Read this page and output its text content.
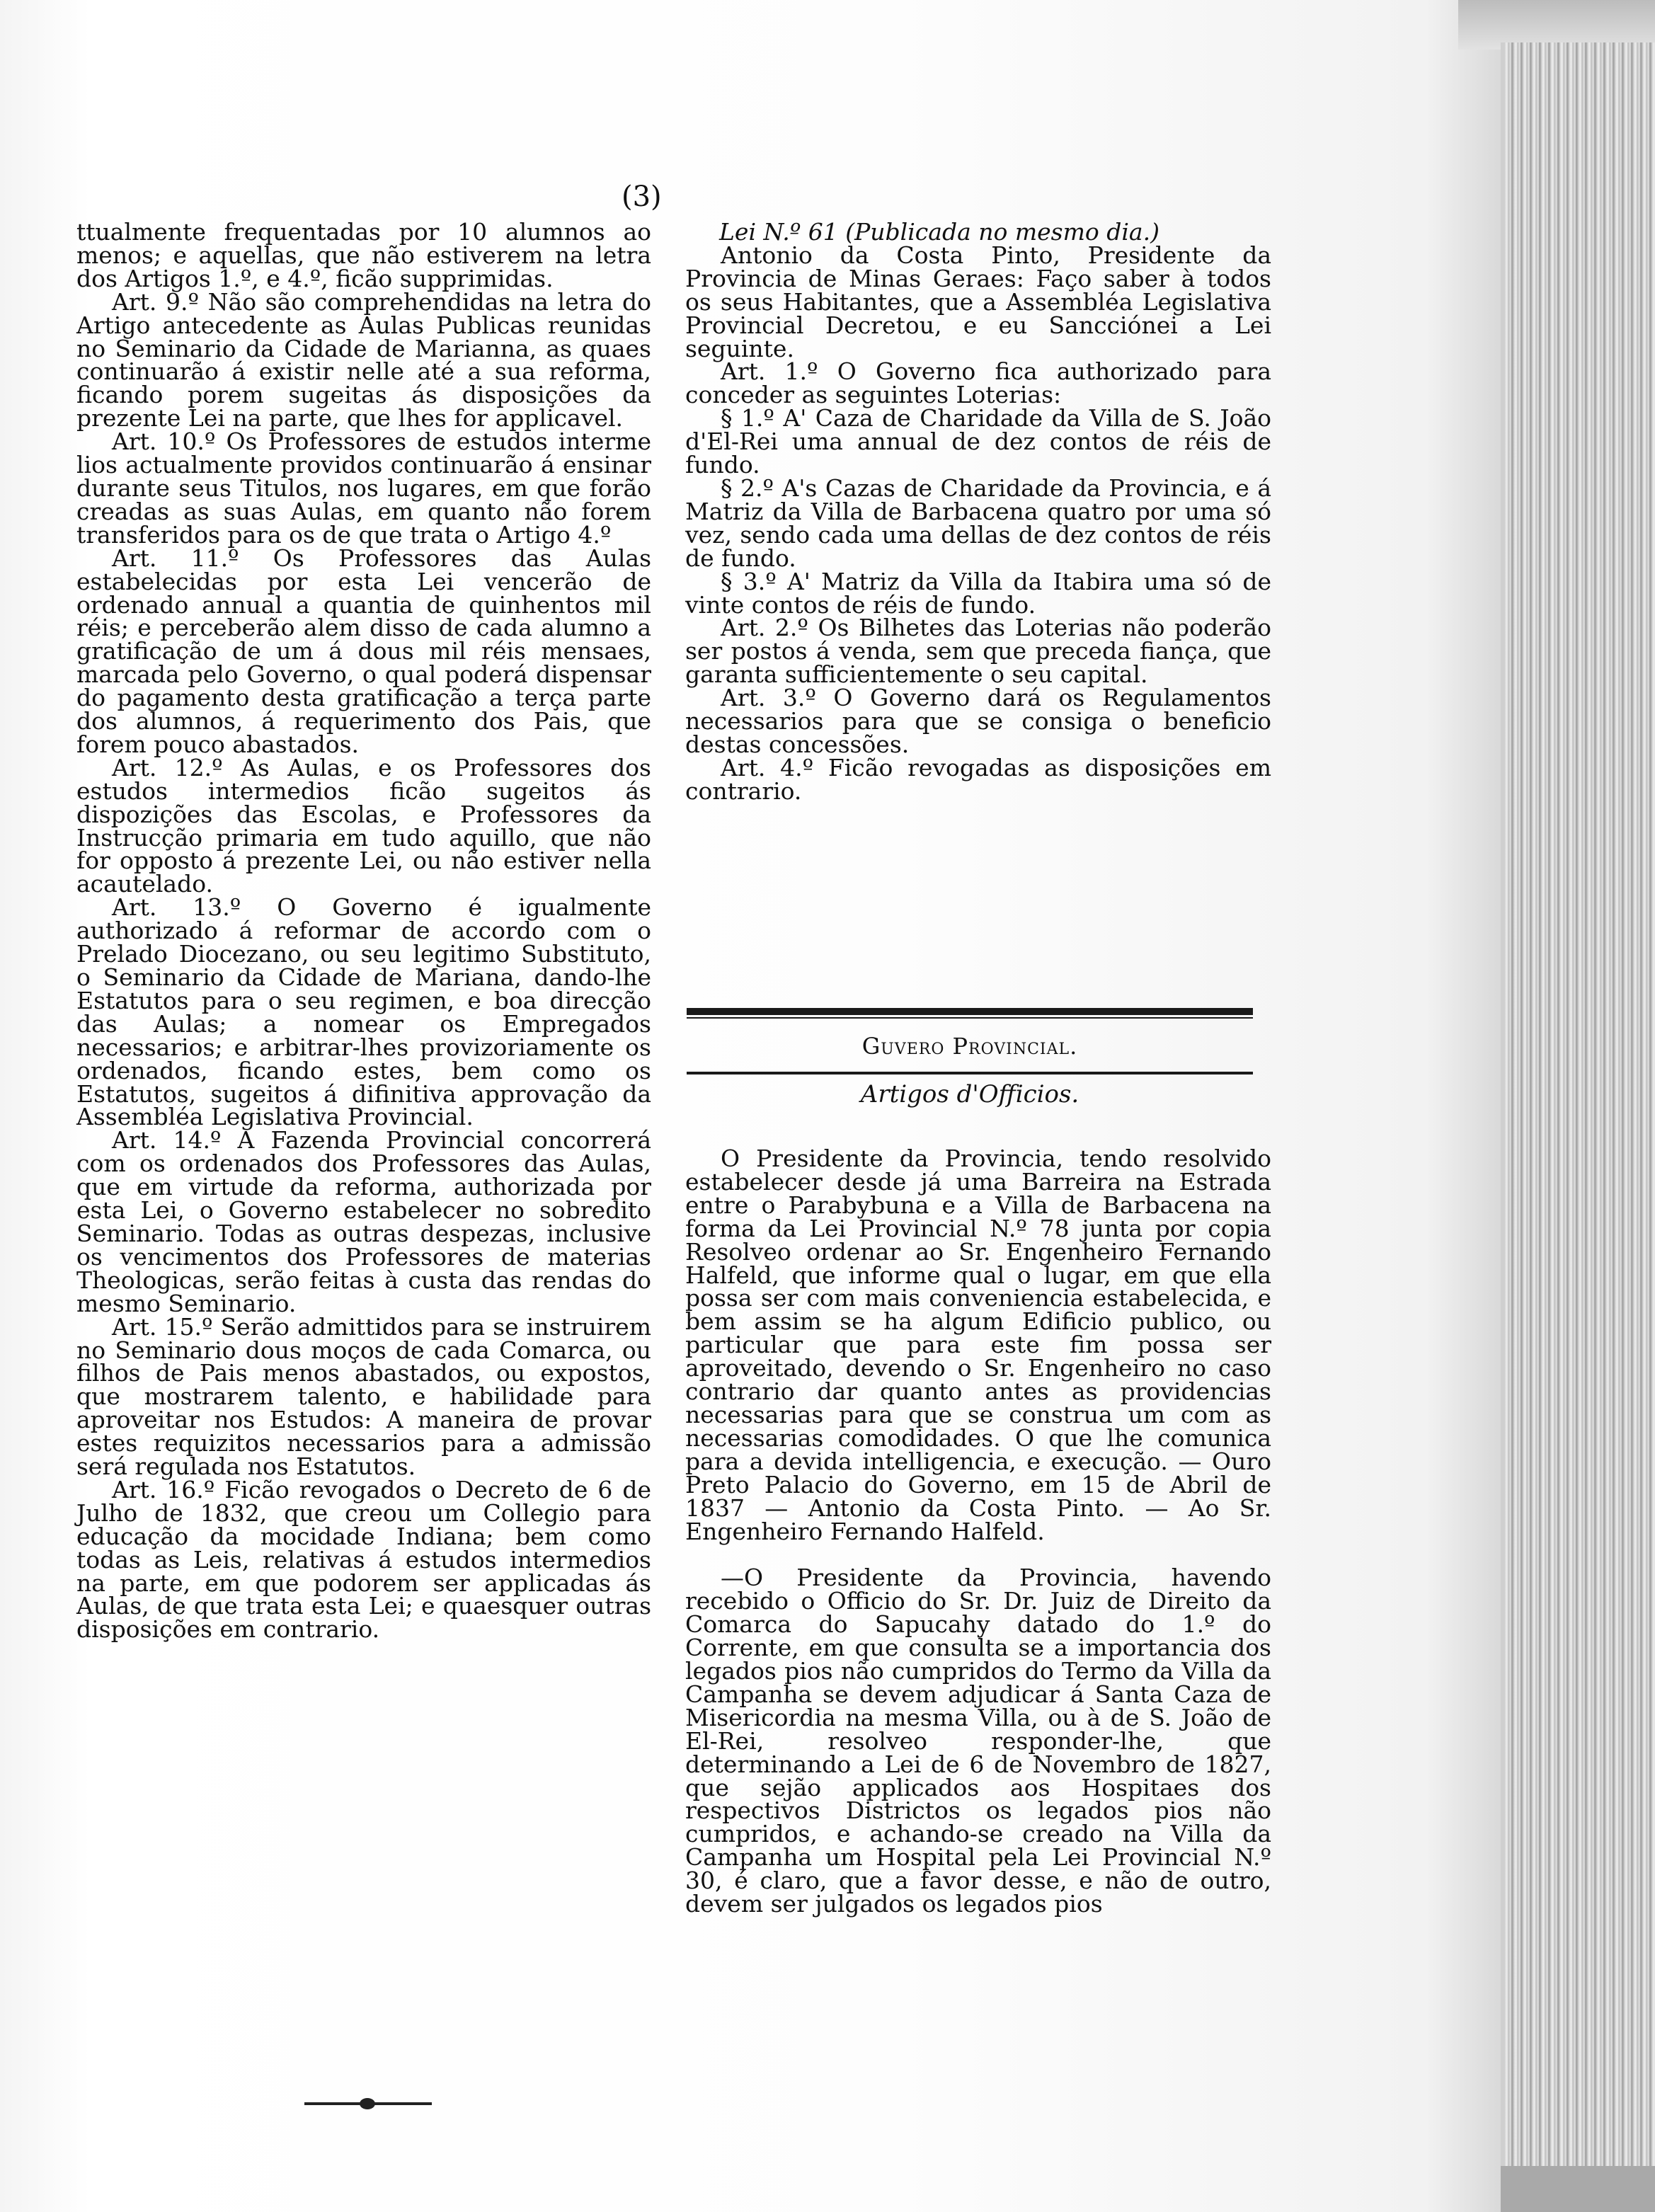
(3)

ttualmente frequentadas por 10 alumnos ao menos; e aquellas, que não estiverem na letra dos Artigos 1.º, e 4.º, ficão supprimidas.

Art. 9.º Não são comprehendidas na letra do Artigo antecedente as Aulas Publicas reunidas no Seminario da Cidade de Marianna, as quaes continuarão á existir nelle até a sua reforma, ficando porem sugeitas ás disposições da prezente Lei na parte, que lhes for applicavel.

Art. 10.º Os Professores de estudos interme lios actualmente providos continuarão á ensinar durante seus Titulos, nos lugares, em que forão creadas as suas Aulas, em quanto não forem transferidos para os de que trata o Artigo 4.º

Art. 11.º Os Professores das Aulas estabelecidas por esta Lei vencerão de ordenado annual a quantia de quinhentos mil réis; e perceberão alem disso de cada alumno a gratificação de um á dous mil réis mensaes, marcada pelo Governo, o qual poderá dispensar do pagamento desta gratificação a terça parte dos alumnos, á requerimento dos Pais, que forem pouco abastados.

Art. 12.º As Aulas, e os Professores dos estudos intermedios ficão sugeitos ás dispozições das Escolas, e Professores da Instrucção primaria em tudo aquillo, que não for opposto á prezente Lei, ou não estiver nella acautelado.

Art. 13.º O Governo é igualmente authorizado á reformar de accordo com o Prelado Diocezano, ou seu legitimo Substituto, o Seminario da Cidade de Mariana, dando-lhe Estatutos para o seu regimen, e boa direcção das Aulas; a nomear os Empregados necessarios; e arbitrar-lhes provizoriamente os ordenados, ficando estes, bem como os Estatutos, sugeitos á difinitiva approvação da Assembléa Legislativa Provincial.

Art. 14.º A Fazenda Provincial concorrerá com os ordenados dos Professores das Aulas, que em virtude da reforma, authorizada por esta Lei, o Governo estabelecer no sobredito Seminario. Todas as outras despezas, inclusive os vencimentos dos Professores de materias Theologicas, serão feitas à custa das rendas do mesmo Seminario.

Art. 15.º Serão admittidos para se instruirem no Seminario dous moços de cada Comarca, ou filhos de Pais menos abastados, ou expostos, que mostrarem talento, e habilidade para aproveitar nos Estudos: A maneira de provar estes requizitos necessarios para a admissão será regulada nos Estatutos.

Art. 16.º Ficão revogados o Decreto de 6 de Julho de 1832, que creou um Collegio para educação da mocidade Indiana; bem como todas as Leis, relativas á estudos intermedios na parte, em que podorem ser applicadas ás Aulas, de que trata esta Lei; e quaesquer outras disposições em contrario.

Lei N.º 61 (Publicada no mesmo dia.)

Antonio da Costa Pinto, Presidente da Provincia de Minas Geraes: Faço saber à todos os seus Habitantes, que a Assembléa Legislativa Provincial Decretou, e eu Sancciónei a Lei seguinte.

Art. 1.º O Governo fica authorizado para conceder as seguintes Loterias:

§ 1.º A' Caza de Charidade da Villa de S. João d'El-Rei uma annual de dez contos de réis de fundo.

§ 2.º A's Cazas de Charidade da Provincia, e á Matriz da Villa de Barbacena quatro por uma só vez, sendo cada uma dellas de dez contos de réis de fundo.

§ 3.º A' Matriz da Villa da Itabira uma só de vinte contos de réis de fundo.

Art. 2.º Os Bilhetes das Loterias não poderão ser postos á venda, sem que preceda fiança, que garanta sufficientemente o seu capital.

Art. 3.º O Governo dará os Regulamentos necessarios para que se consiga o beneficio destas concessões.

Art. 4.º Ficão revogadas as disposições em contrario.

Guvero Provincial.
Artigos d'Officios.

O Presidente da Provincia, tendo resolvido estabelecer desde já uma Barreira na Estrada entre o Parabybuna e a Villa de Barbacena na forma da Lei Provincial N.º 78 junta por copia Resolveo ordenar ao Sr. Engenheiro Fernando Halfeld, que informe qual o lugar, em que ella possa ser com mais conveniencia estabelecida, e bem assim se ha algum Edificio publico, ou particular que para este fim possa ser aproveitado, devendo o Sr. Engenheiro no caso contrario dar quanto antes as providencias necessarias para que se construa um com as necessarias comodidades. O que lhe comunica para a devida intelligencia, e execução. — Ouro Preto Palacio do Governo, em 15 de Abril de 1837 — Antonio da Costa Pinto. — Ao Sr. Engenheiro Fernando Halfeld.

—O Presidente da Provincia, havendo recebido o Officio do Sr. Dr. Juiz de Direito da Comarca do Sapucahy datado do 1.º do Corrente, em que consulta se a importancia dos legados pios não cumpridos do Termo da Villa da Campanha se devem adjudicar á Santa Caza de Misericordia na mesma Villa, ou à de S. João de El-Rei, resolveo responder-lhe, que determinando a Lei de 6 de Novembro de 1827, que sejão applicados aos Hospitaes dos respectivos Districtos os legados pios não cumpridos, e achando-se creado na Villa da Campanha um Hospital pela Lei Provincial N.º 30, é claro, que a favor desse, e não de outro, devem ser julgados os legados pios
